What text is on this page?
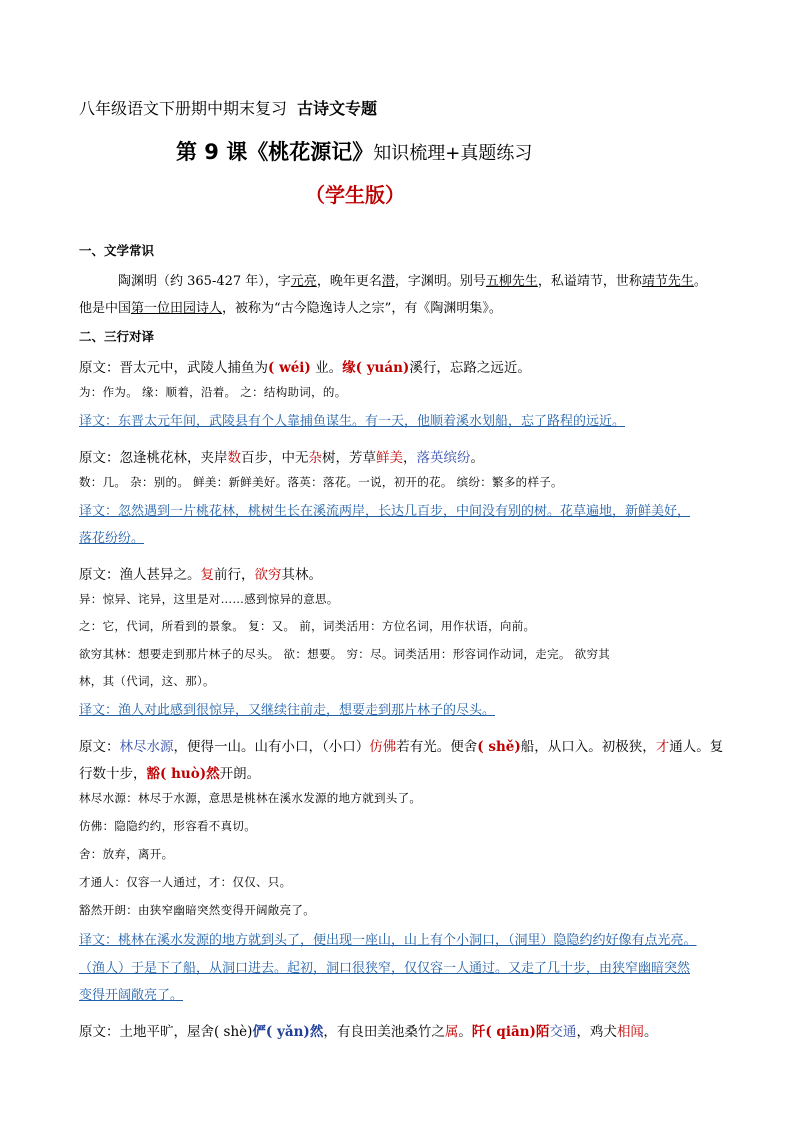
八年级语文下册期中期末复习 古诗文专题
第 9 课《桃花源记》知识梳理+真题练习
（学生版）
一、文学常识
陶渊明（约 365-427 年），字元亮，晚年更名潜，字渊明。别号五柳先生，私谥靖节，世称靖节先生。
他是中国第一位田园诗人，被称为“古今隐逸诗人之宗”，有《陶渊明集》。
二、三行对译
原文：晋太元中，武陵人捕鱼为( wéi) 业。缘( yuán)溪行，忘路之远近。
为：作为。 缘：顺着，沿着。 之：结构助词，的。
译文：东晋太元年间，武陵县有个人靠捕鱼谋生。有一天，他顺着溪水划船，忘了路程的远近。
原文：忽逢桃花林，夹岸数百步，中无杂树，芳草鲜美，落英缤纷。
数：几。 杂：别的。 鲜美：新鲜美好。落英：落花。一说，初开的花。 缤纷：繁多的样子。
译文：忽然遇到一片桃花林，桃树生长在溪流两岸，长达几百步，中间没有别的树。花草遍地，新鲜美好，
落花纷纷。
原文：渔人甚异之。复前行，欲穷其林。
异：惊异、诧异，这里是对……感到惊异的意思。
之：它，代词，所看到的景象。 复：又。 前，词类活用：方位名词，用作状语，向前。
欲穷其林：想要走到那片林子的尽头。 欲：想要。 穷：尽。词类活用：形容词作动词，走完。 欲穷其
林，其（代词，这、那）。
译文：渔人对此感到很惊异，又继续往前走，想要走到那片林子的尽头。
原文：林尽水源，便得一山。山有小口，（小口）仿佛若有光。便舍( shě)船，从口入。初极狭，才通人。复
行数十步，豁( huò)然开朗。
林尽水源：林尽于水源，意思是桃林在溪水发源的地方就到头了。
仿佛：隐隐约约，形容看不真切。
舍：放弃，离开。
才通人：仅容一人通过，才：仅仅、只。
豁然开朗：由狭窄幽暗突然变得开阔敞亮了。
译文：桃林在溪水发源的地方就到头了，便出现一座山，山上有个小洞口，（洞里）隐隐约约好像有点光亮。
（渔人）于是下了船，从洞口进去。起初，洞口很狭窄，仅仅容一人通过。又走了几十步，由狭窄幽暗突然
变得开阔敞亮了。
原文：土地平旷，屋舍( shè)俨( yǎn)然，有良田美池桑竹之属。阡( qiān)陌交通，鸡犬相闻。
